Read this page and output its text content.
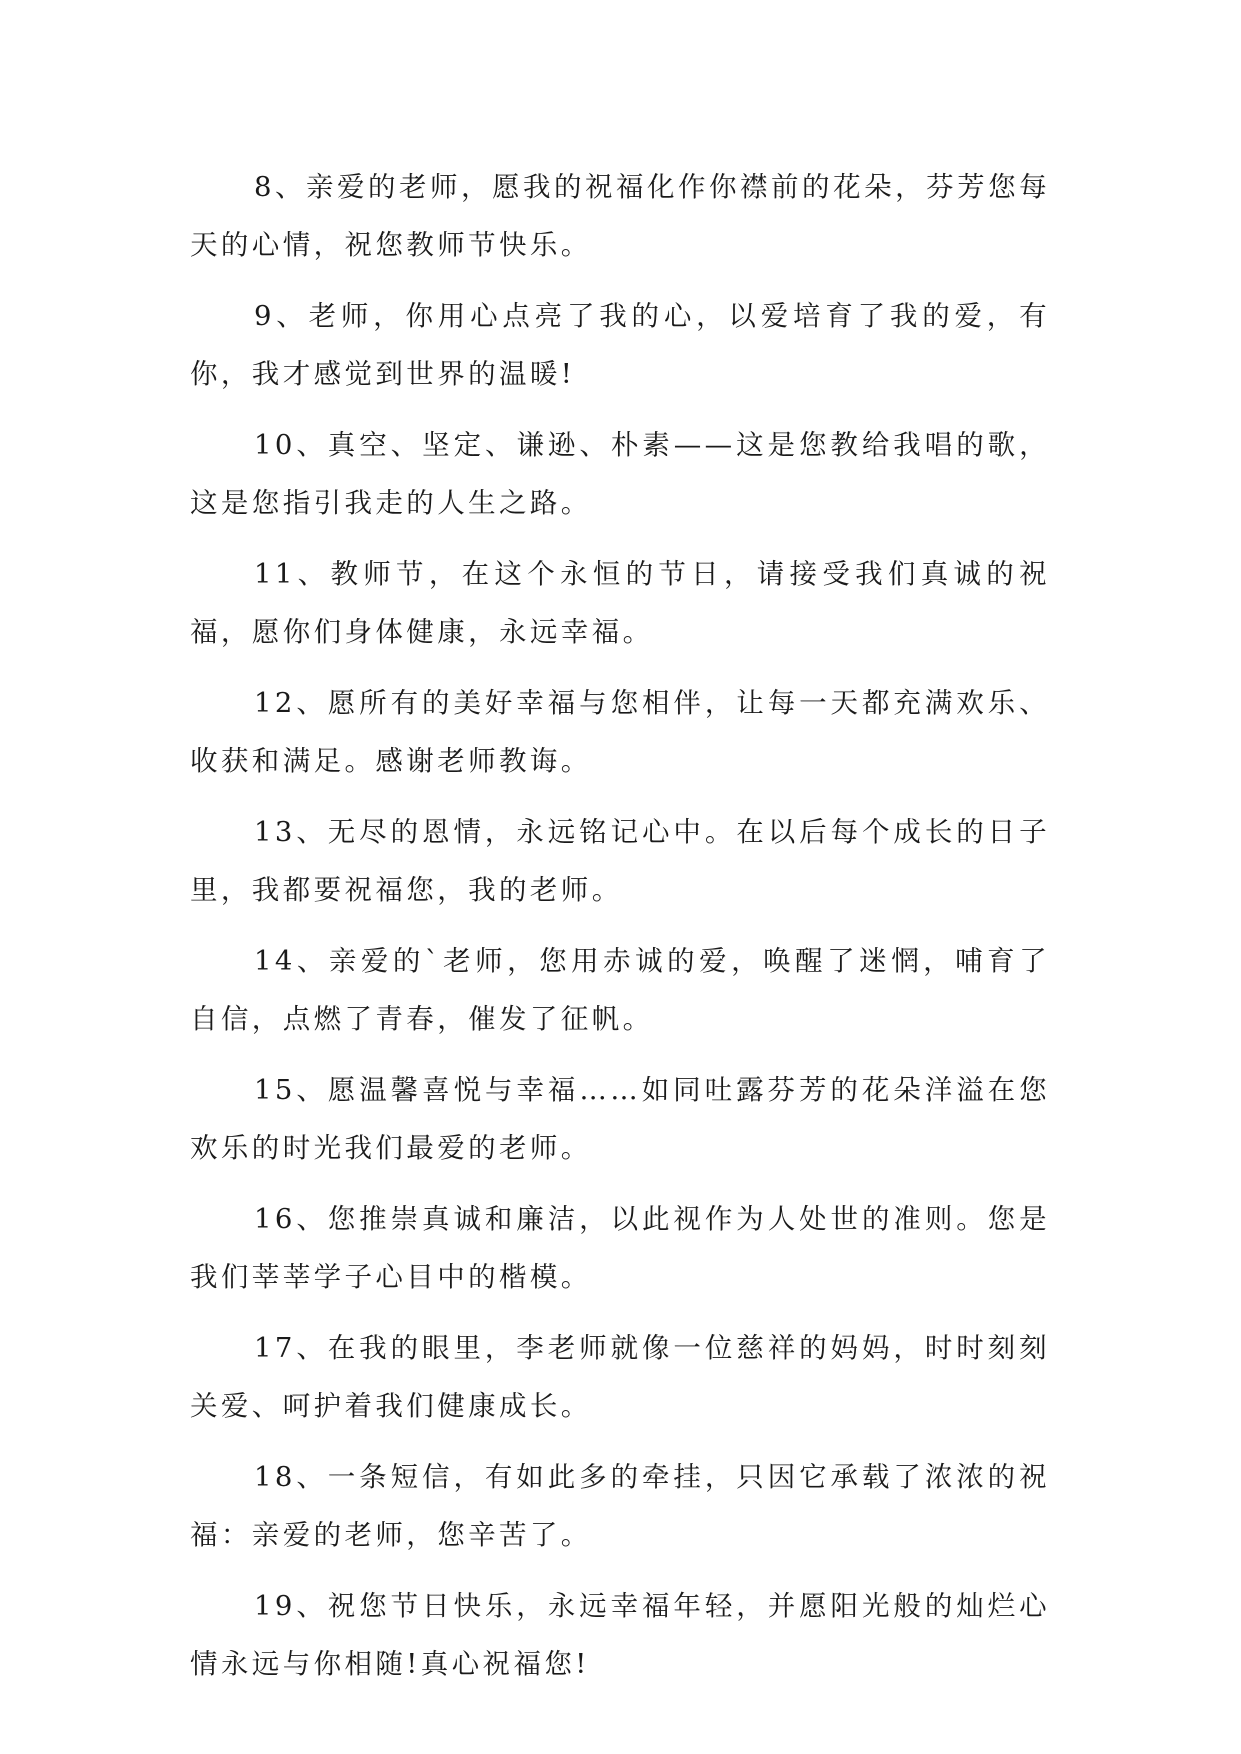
8、亲爱的老师，愿我的祝福化作你襟前的花朵，芬芳您每天的心情，祝您教师节快乐。

9、老师，你用心点亮了我的心，以爱培育了我的爱，有你，我才感觉到世界的温暖!

10、真空、坚定、谦逊、朴素——这是您教给我唱的歌，这是您指引我走的人生之路。

11、教师节，在这个永恒的节日，请接受我们真诚的祝福，愿你们身体健康，永远幸福。

12、愿所有的美好幸福与您相伴，让每一天都充满欢乐、收获和满足。感谢老师教诲。

13、无尽的恩情，永远铭记心中。在以后每个成长的日子里，我都要祝福您，我的老师。

14、亲爱的`老师，您用赤诚的爱，唤醒了迷惘，哺育了自信，点燃了青春，催发了征帆。

15、愿温馨喜悦与幸福……如同吐露芬芳的花朵洋溢在您欢乐的时光我们最爱的老师。

16、您推崇真诚和廉洁，以此视作为人处世的准则。您是我们莘莘学子心目中的楷模。

17、在我的眼里，李老师就像一位慈祥的妈妈，时时刻刻关爱、呵护着我们健康成长。

18、一条短信，有如此多的牵挂，只因它承载了浓浓的祝福：亲爱的老师，您辛苦了。

19、祝您节日快乐，永远幸福年轻，并愿阳光般的灿烂心情永远与你相随!真心祝福您!
